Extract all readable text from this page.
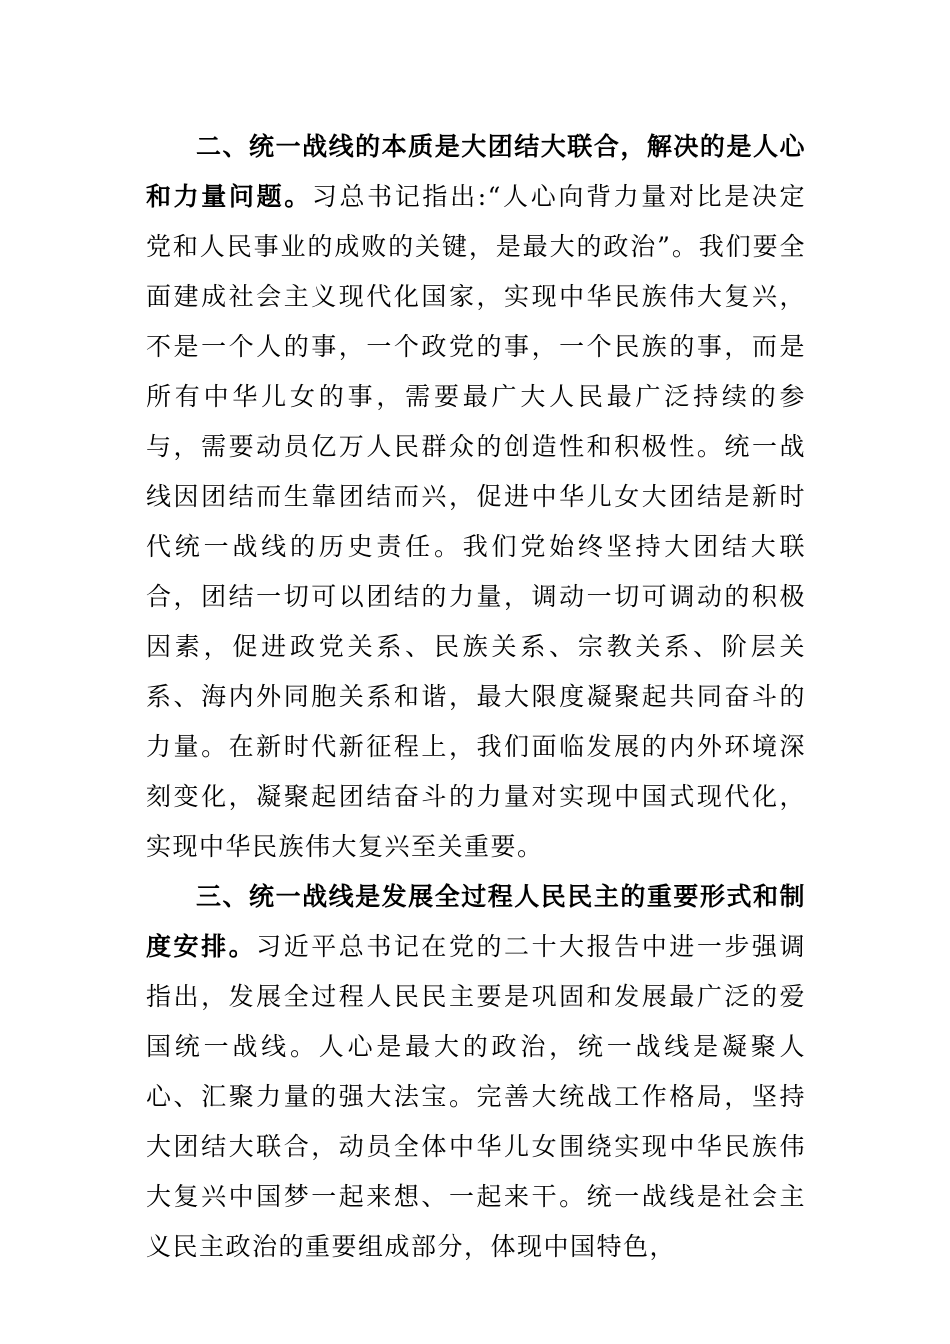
二、统一战线的本质是大团结大联合，解决的是人心和力量问题。习总书记指出:“人心向背力量对比是决定党和人民事业的成败的关键，是最大的政治”。我们要全面建成社会主义现代化国家，实现中华民族伟大复兴，不是一个人的事，一个政党的事，一个民族的事，而是所有中华儿女的事，需要最广大人民最广泛持续的参与，需要动员亿万人民群众的创造性和积极性。统一战线因团结而生靠团结而兴，促进中华儿女大团结是新时代统一战线的历史责任。我们党始终坚持大团结大联合，团结一切可以团结的力量，调动一切可调动的积极因素，促进政党关系、民族关系、宗教关系、阶层关系、海内外同胞关系和谐，最大限度凝聚起共同奋斗的力量。在新时代新征程上，我们面临发展的内外环境深刻变化，凝聚起团结奋斗的力量对实现中国式现代化，实现中华民族伟大复兴至关重要。

三、统一战线是发展全过程人民民主的重要形式和制度安排。习近平总书记在党的二十大报告中进一步强调指出，发展全过程人民民主要是巩固和发展最广泛的爱国统一战线。人心是最大的政治，统一战线是凝聚人心、汇聚力量的强大法宝。完善大统战工作格局，坚持大团结大联合，动员全体中华儿女围绕实现中华民族伟大复兴中国梦一起来想、一起来干。统一战线是社会主义民主政治的重要组成部分，体现中国特色，
